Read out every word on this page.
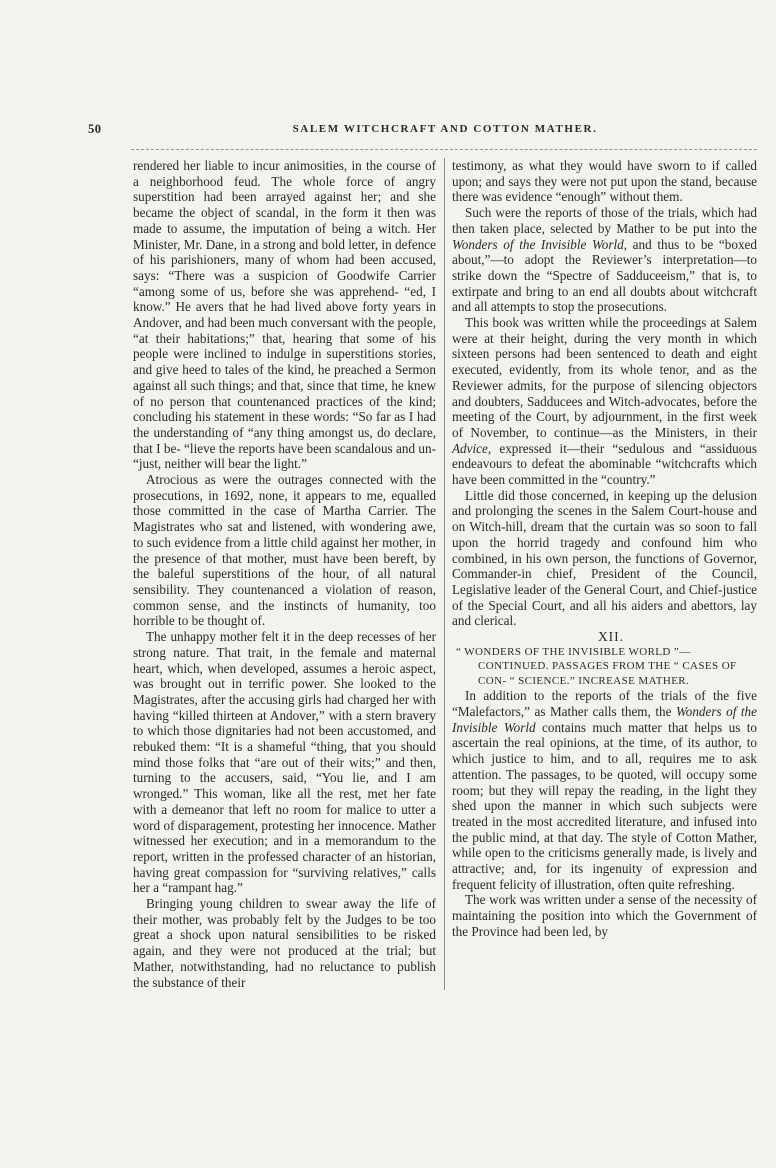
50	SALEM WITCHCRAFT AND COTTON MATHER.

rendered her liable to incur animosities, in the course of a neighborhood feud. The whole force of angry superstition had been arrayed against her; and she became the object of scandal, in the form it then was made to assume, the imputation of being a witch. Her Minister, Mr. Dane, in a strong and bold letter, in defence of his parishioners, many of whom had been accused, says: “There was a suspicion of Goodwife Carrier “among some of us, before she was apprehend- “ed, I know.” He avers that he had lived above forty years in Andover, and had been much conversant with the people, “at their habitations;” that, hearing that some of his people were inclined to indulge in superstitions stories, and give heed to tales of the kind, he preached a Sermon against all such things; and that, since that time, he knew of no person that countenanced practices of the kind; concluding his statement in these words: “So far as I had the understanding of “any thing amongst us, do declare, that I be- “lieve the reports have been scandalous and un- “just, neither will bear the light.”

Atrocious as were the outrages connected with the prosecutions, in 1692, none, it appears to me, equalled those committed in the case of Martha Carrier. The Magistrates who sat and listened, with wondering awe, to such evidence from a little child against her mother, in the presence of that mother, must have been bereft, by the baleful superstitions of the hour, of all natural sensibility. They countenanced a violation of reason, common sense, and the instincts of humanity, too horrible to be thought of.

The unhappy mother felt it in the deep recesses of her strong nature. That trait, in the female and maternal heart, which, when developed, assumes a heroic aspect, was brought out in terrific power. She looked to the Magistrates, after the accusing girls had charged her with having “killed thirteen at Andover,” with a stern bravery to which those dignitaries had not been accustomed, and rebuked them: “It is a shameful “thing, that you should mind those folks that “are out of their wits;” and then, turning to the accusers, said, “You lie, and I am wronged.” This woman, like all the rest, met her fate with a demeanor that left no room for malice to utter a word of disparagement, protesting her innocence. Mather witnessed her execution; and in a memorandum to the report, written in the professed character of an historian, having great compassion for “surviving relatives,” calls her a “rampant hag.”

Bringing young children to swear away the life of their mother, was probably felt by the Judges to be too great a shock upon natural sensibilities to be risked again, and they were not produced at the trial; but Mather, notwithstanding, had no reluctance to publish the substance of their

testimony, as what they would have sworn to if called upon; and says they were not put upon the stand, because there was evidence “enough” without them.

Such were the reports of those of the trials, which had then taken place, selected by Mather to be put into the Wonders of the Invisible World, and thus to be “boxed about,”—to adopt the Reviewer’s interpretation—to strike down the “Spectre of Sadduceeism,” that is, to extirpate and bring to an end all doubts about witchcraft and all attempts to stop the prosecutions.

This book was written while the proceedings at Salem were at their height, during the very month in which sixteen persons had been sentenced to death and eight executed, evidently, from its whole tenor, and as the Reviewer admits, for the purpose of silencing objectors and doubters, Sadducees and Witch-advocates, before the meeting of the Court, by adjournment, in the first week of November, to continue—as the Ministers, in their Advice, expressed it—their “sedulous and “assiduous endeavours to defeat the abominable “witchcrafts which have been committed in the “country.”

Little did those concerned, in keeping up the delusion and prolonging the scenes in the Salem Court-house and on Witch-hill, dream that the curtain was so soon to fall upon the horrid tragedy and confound him who combined, in his own person, the functions of Governor, Commander-in chief, President of the Council, Legislative leader of the General Court, and Chief-justice of the Special Court, and all his aiders and abettors, lay and clerical.

XII.

“ WONDERS OF THE INVISIBLE WORLD ”—CONTINUED. PASSAGES FROM THE “ CASES OF CON- “ SCIENCE.” INCREASE MATHER.

In addition to the reports of the trials of the five “Malefactors,” as Mather calls them, the Wonders of the Invisible World contains much matter that helps us to ascertain the real opinions, at the time, of its author, to which justice to him, and to all, requires me to ask attention. The passages, to be quoted, will occupy some room; but they will repay the reading, in the light they shed upon the manner in which such subjects were treated in the most accredited literature, and infused into the public mind, at that day. The style of Cotton Mather, while open to the criticisms generally made, is lively and attractive; and, for its ingenuity of expression and frequent felicity of illustration, often quite refreshing.

The work was written under a sense of the necessity of maintaining the position into which the Government of the Province had been led, by
